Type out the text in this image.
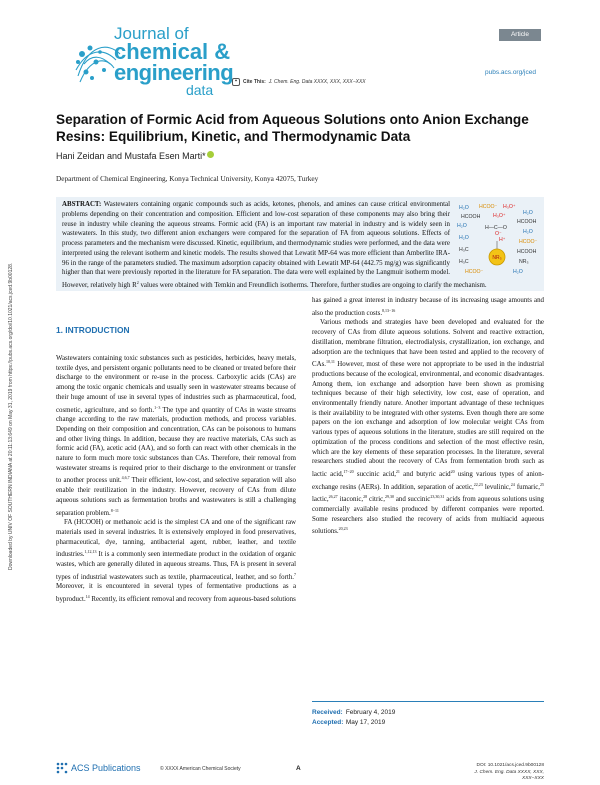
Journal of
chemical &
engineering
data	❝	Cite This: J. Chem. Eng. Data XXXX, XXX, XXX−XXX
Article
pubs.acs.org/jced
Downloaded by UNIV OF SOUTHERN INDIANA at 20:11:13:649 on May 31, 2019 from https://pubs.acs.org/doi/10.1021/acs.jced.9b00128.
Separation of Formic Acid from Aqueous Solutions onto Anion Exchange Resins: Equilibrium, Kinetic, and Thermodynamic Data
Hani Zeidan and Mustafa Esen Marti*
Department of Chemical Engineering, Konya Technical University, Konya 42075, Turkey
ABSTRACT: Wastewaters containing organic compounds such as acids, ketones, phenols, and amines can cause critical environmental problems depending on their concentration and composition. Efficient and low-cost separation of these components may also bring their reuse in industry while cleaning the aqueous streams. Formic acid (FA) is an important raw material in industry and is widely seen in wastewaters. In this study, two different anion exchangers were compared for the separation of FA from aqueous solutions. Effects of process parameters and the mechanism were discussed. Kinetic, equilibrium, and thermodynamic studies were performed, and the data were interpreted using the relevant isotherm and kinetic models. The results showed that Lewatit MP-64 was more efficient than Amberlite IRA-96 in the range of the parameters studied. The maximum adsorption capacity obtained with Lewatit MP-64 (442.75 mg/g) was significantly higher than that were previously reported in the literature for FA separation. The data were well explained by the Langmuir isotherm model. However, relatively high R$^2$ values were obtained with Temkin and Freundlich isotherms. Therefore, further studies are ongoing to clarify the mechanism.
H₂O HCOO⁻ H₃O⁺
H₂O
HCOOH H₃O⁺
H₂O
HCOOH
H—C—O
H₂O
O⁻
H⁺
H₂O
HCOO⁻
H₃C	HCOOH
H₃C	NR₃
HCOO⁻	H₂O
NR₃
1. INTRODUCTION

Wastewaters containing toxic substances such as pesticides, herbicides, heavy metals, textile dyes, and persistent organic pollutants need to be cleaned or treated before their discharge to the environment or re-use in the process. Carboxylic acids (CAs) are among the toxic organic chemicals and usually seen in wastewater streams because of their huge amount of use in several types of industries such as pharmaceutical, food, cosmetic, agriculture, and so forth.$^{1-3}$ The type and quantity of CAs in waste streams change according to the raw materials, production methods, and process variables. Depending on their composition and concentration, CAs can be poisonous to humans and other living things. In addition, because they are reactive materials, CAs such as formic acid (FA), acetic acid (AA), and so forth can react with other chemicals in the nature to form much more toxic substances than CAs. Therefore, their removal from wastewater streams is required prior to their discharge to the environment or transfer to another process unit.$^{4,6,7}$ Their efficient, low-cost, and selective separation will also enable their reutilization in the industry. However, recovery of CAs from dilute aqueous solutions such as fermentation broths and wastewaters is still a challenging separation problem.$^{8-11}$

FA (HCOOH) or methanoic acid is the simplest CA and one of the significant raw materials used in several industries. It is extensively employed in food preservatives, pharmaceutical, dye, tanning, antibacterial agent, rubber, leather, and textile industries.$^{1,12,13}$ It is a commonly seen intermediate product in the oxidation of organic wastes, which are generally diluted in aqueous streams. Thus, FA is present in several types of industrial wastewaters such as textile, pharmaceutical, leather, and so forth.$^7$ Moreover, it is encountered in several types of fermentative productions as a byproduct.$^{14}$ Recently, its efficient removal and recovery from aqueous-based solutions

has gained a great interest in industry because of its increasing usage amounts and also the production costs.$^{8,13-16}$

Various methods and strategies have been developed and evaluated for the recovery of CAs from dilute aqueous solutions. Solvent and reactive extraction, distillation, membrane filtration, electrodialysis, crystallization, ion exchange, and adsorption are the techniques that have been tested and applied to the recovery of CAs.$^{10,11}$ However, most of these were not appropriate to be used in the industrial productions because of the ecological, environmental, and economic disadvantages. Among them, ion exchange and adsorption have been shown as promising techniques because of their high selectivity, low cost, ease of operation, and environmentally friendly nature. Another important advantage of these techniques is their availability to be integrated with other systems. Even though there are some papers on the ion exchange and adsorption of low molecular weight CAs from various types of aqueous solutions in the literature, studies are still required on the optimization of the process conditions and selection of the most effective resin, which are the key elements of these separation processes. In the literature, several researchers studied about the recovery of CAs from fermentation broth such as lactic acid,$^{17-20}$ succinic acid,$^{21}$ and butyric acid$^{20}$ using various types of anion-exchange resins (AERs). In addition, separation of acetic,$^{22,23}$ levulinic,$^{24}$ fumaric,$^{25}$ lactic,$^{26,27}$ itaconic,$^{28}$ citric,$^{29,30}$ and succinic$^{23,30,31}$ acids from aqueous solutions using commercially available resins produced by different companies were reported. Some researchers also studied the recovery of acids from multiacid aqueous solutions.$^{20,23}$

Received: February 4, 2019
Accepted: May 17, 2019
ACS Publications	© XXXX American Chemical Society	A	DOI: 10.1021/acs.jced.9b00128
J. Chem. Eng. Data XXXX, XXX, XXX−XXX
